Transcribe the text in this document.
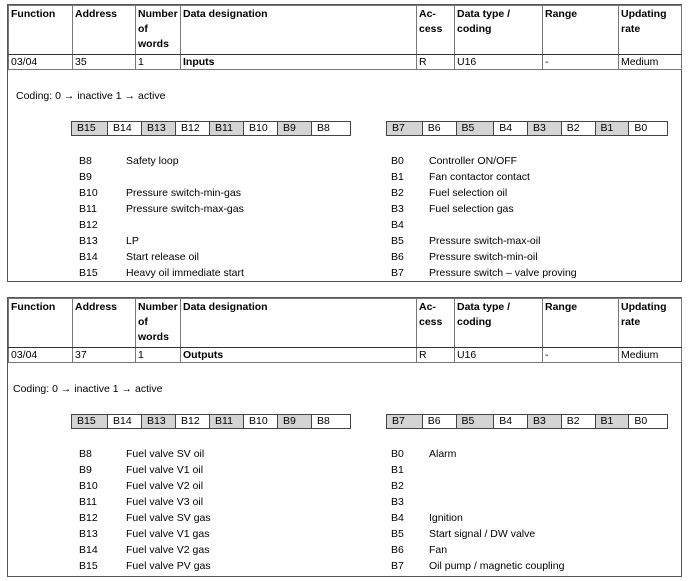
Function	Address	Number
of
words	Data designation	Ac-
cess	Data type /
coding	Range	Updating
rate
03/04	35	1	Inputs	R	U16	-	Medium
Coding: 0 → inactive 1 → active
B15	B14	B13	B12	B11	B10	B9	B8	B7	B6	B5	B4	B3	B2	B1	B0
B8	Safety loop
B9
B10	Pressure switch-min-gas
B11	Pressure switch-max-gas
B12
B13	LP
B14	Start release oil
B15	Heavy oil immediate start
B0	Controller ON/OFF
B1	Fan contactor contact
B2	Fuel selection oil
B3	Fuel selection gas
B4
B5	Pressure switch-max-oil
B6	Pressure switch-min-oil
B7	Pressure switch – valve proving
Function	Address	Number
of
words	Data designation	Ac-
cess	Data type /
coding	Range	Updating
rate
03/04	37	1	Outputs	R	U16	-	Medium
Coding: 0 → inactive 1 → active
B15	B14	B13	B12	B11	B10	B9	B8	B7	B6	B5	B4	B3	B2	B1	B0
B8	Fuel valve SV oil
B9	Fuel valve V1 oil
B10	Fuel valve V2 oil
B11	Fuel valve V3 oil
B12	Fuel valve SV gas
B13	Fuel valve V1 gas
B14	Fuel valve V2 gas
B15	Fuel valve PV gas
B0	Alarm
B1
B2
B3
B4	Ignition
B5	Start signal / DW valve
B6	Fan
B7	Oil pump / magnetic coupling
